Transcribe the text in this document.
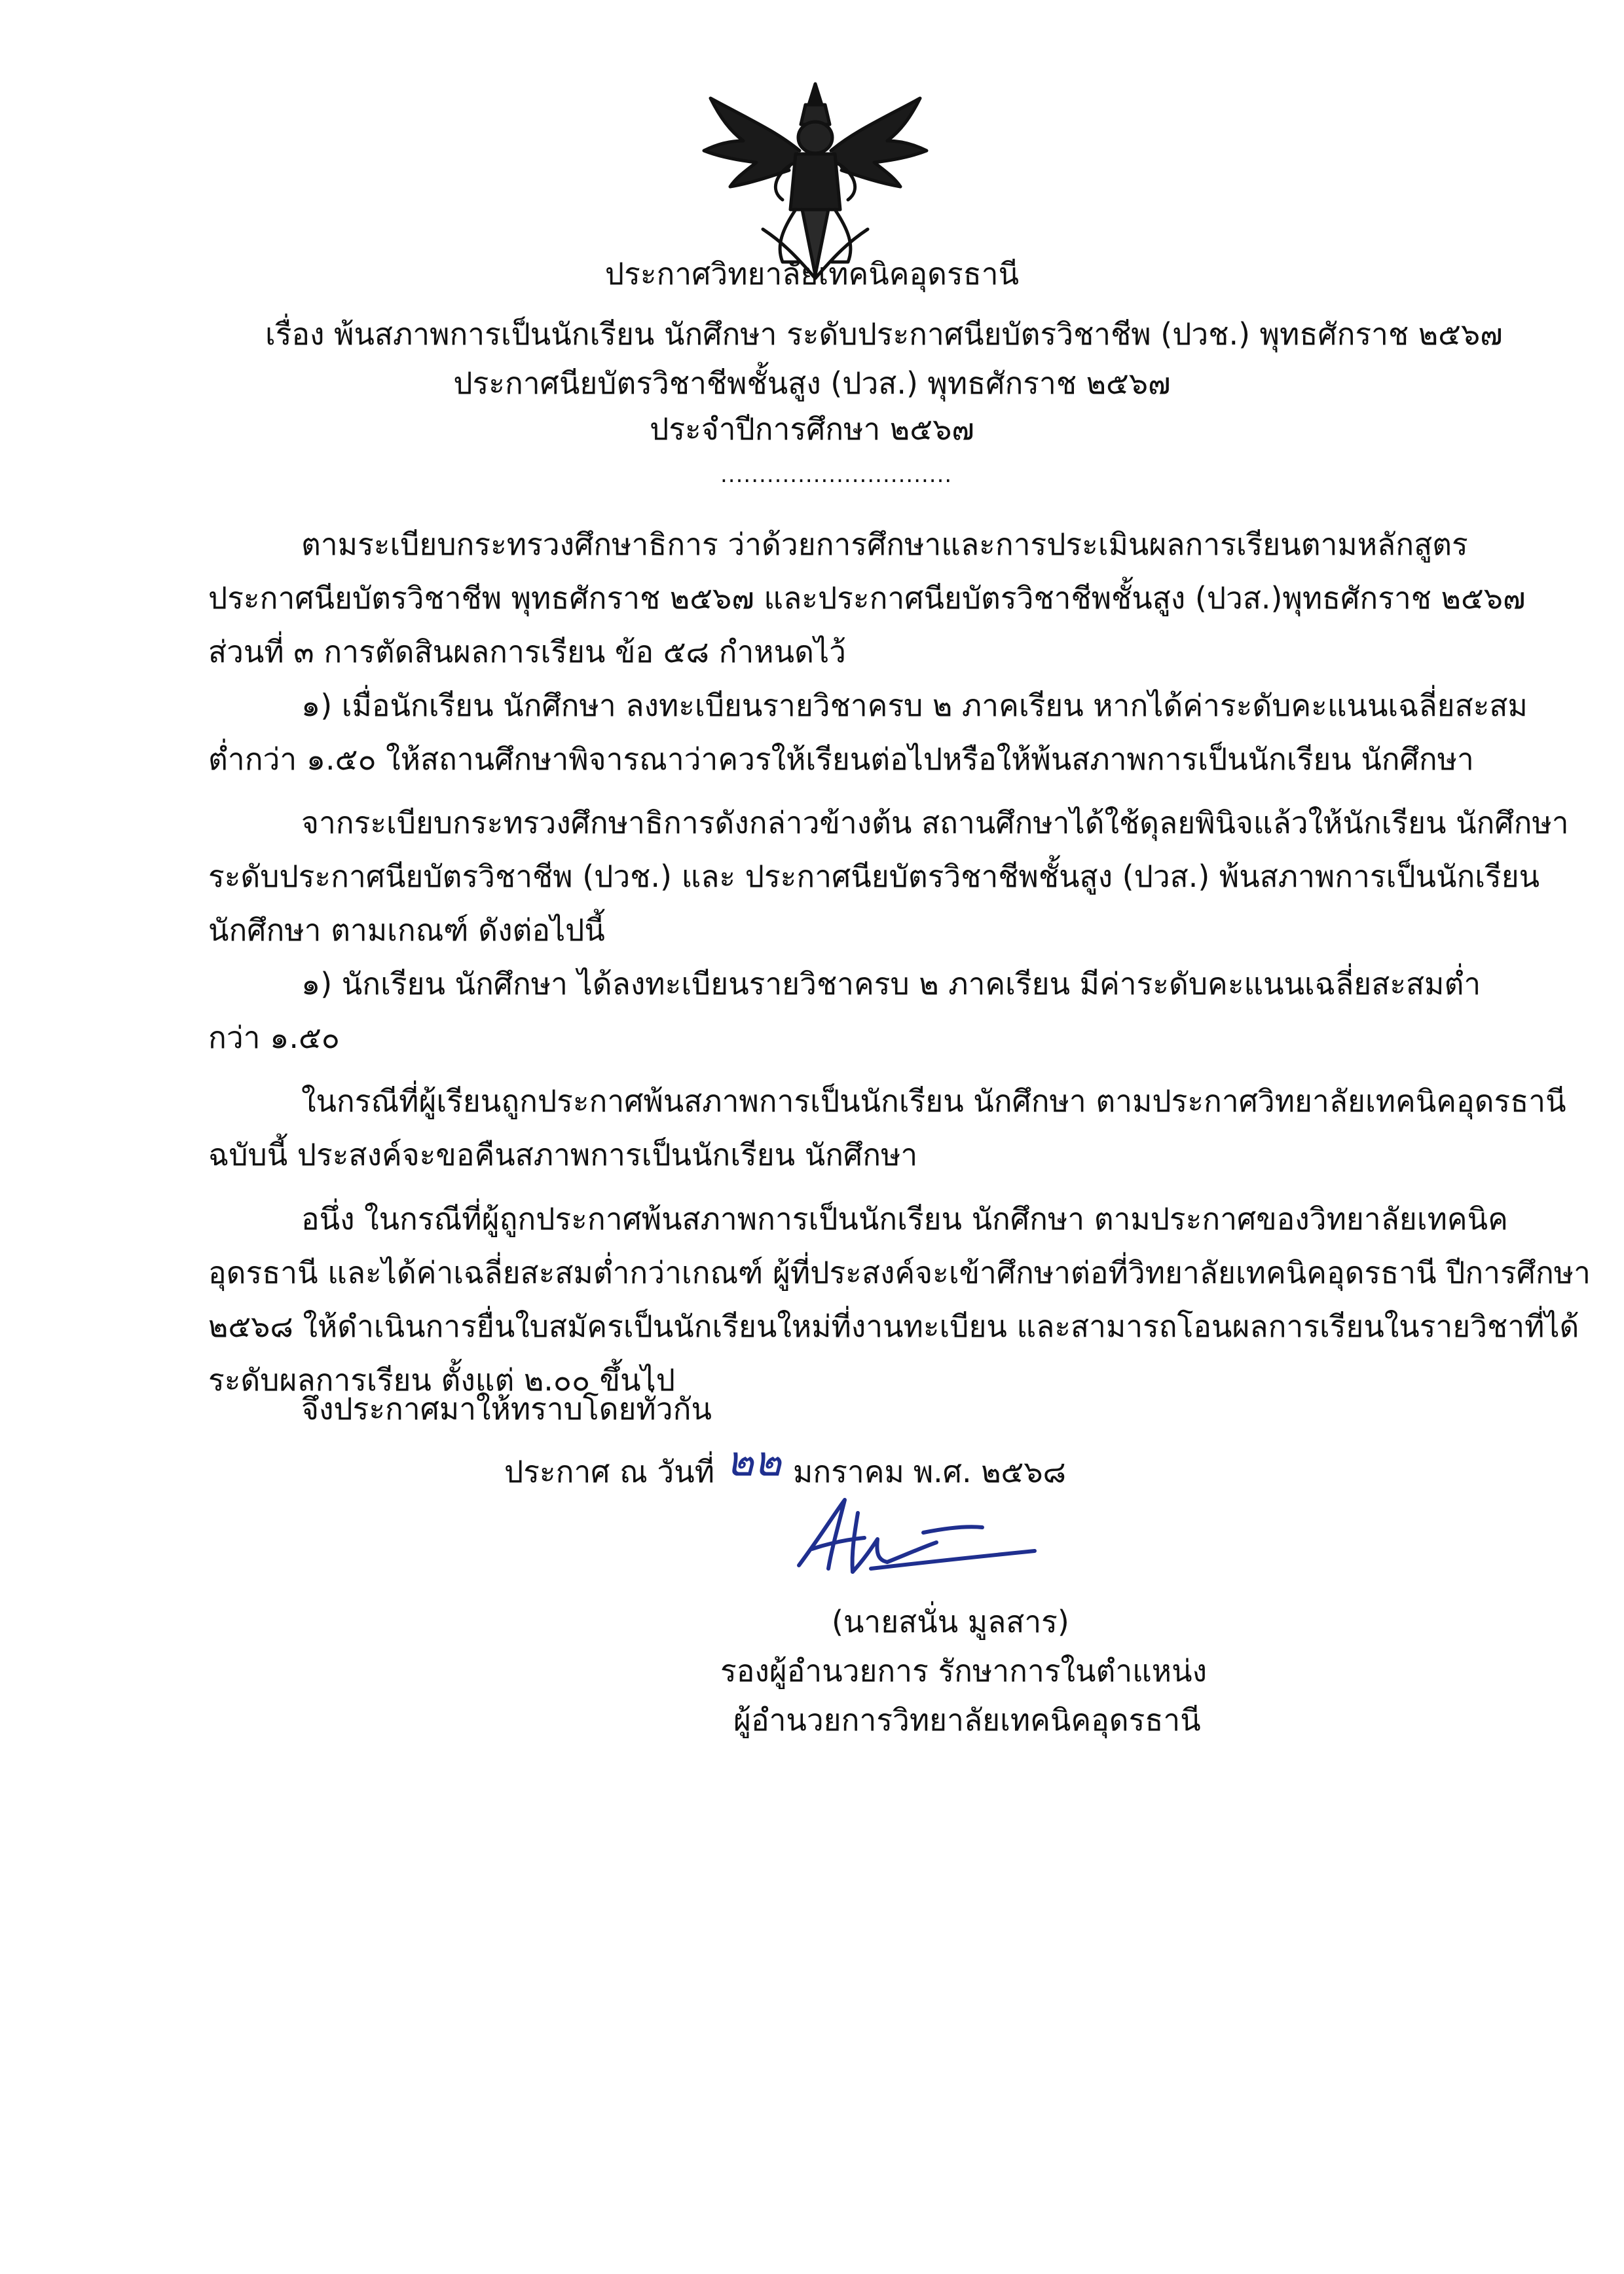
ประกาศวิทยาลัยเทคนิคอุดรธานี
เรื่อง พ้นสภาพการเป็นนักเรียน นักศึกษา ระดับประกาศนียบัตรวิชาชีพ (ปวช.) พุทธศักราช ๒๕๖๗
ประกาศนียบัตรวิชาชีพชั้นสูง (ปวส.) พุทธศักราช ๒๕๖๗
ประจำปีการศึกษา ๒๕๖๗
..............................
ตามระเบียบกระทรวงศึกษาธิการ ว่าด้วยการศึกษาและการประเมินผลการเรียนตามหลักสูตร
ประกาศนียบัตรวิชาชีพ พุทธศักราช ๒๕๖๗ และประกาศนียบัตรวิชาชีพชั้นสูง (ปวส.)พุทธศักราช ๒๕๖๗
ส่วนที่ ๓ การตัดสินผลการเรียน ข้อ ๕๘ กำหนดไว้
๑) เมื่อนักเรียน นักศึกษา ลงทะเบียนรายวิชาครบ ๒ ภาคเรียน หากได้ค่าระดับคะแนนเฉลี่ยสะสม
ต่ำกว่า ๑.๕๐ ให้สถานศึกษาพิจารณาว่าควรให้เรียนต่อไปหรือให้พ้นสภาพการเป็นนักเรียน นักศึกษา
จากระเบียบกระทรวงศึกษาธิการดังกล่าวข้างต้น สถานศึกษาได้ใช้ดุลยพินิจแล้วให้นักเรียน นักศึกษา
ระดับประกาศนียบัตรวิชาชีพ (ปวช.) และ ประกาศนียบัตรวิชาชีพชั้นสูง (ปวส.) พ้นสภาพการเป็นนักเรียน
นักศึกษา ตามเกณฑ์ ดังต่อไปนี้
๑) นักเรียน นักศึกษา ได้ลงทะเบียนรายวิชาครบ ๒ ภาคเรียน มีค่าระดับคะแนนเฉลี่ยสะสมต่ำ
กว่า ๑.๕๐
ในกรณีที่ผู้เรียนถูกประกาศพ้นสภาพการเป็นนักเรียน นักศึกษา ตามประกาศวิทยาลัยเทคนิคอุดรธานี
ฉบับนี้ ประสงค์จะขอคืนสภาพการเป็นนักเรียน นักศึกษา
อนึ่ง ในกรณีที่ผู้ถูกประกาศพ้นสภาพการเป็นนักเรียน นักศึกษา ตามประกาศของวิทยาลัยเทคนิค
อุดรธานี และได้ค่าเฉลี่ยสะสมต่ำกว่าเกณฑ์ ผู้ที่ประสงค์จะเข้าศึกษาต่อที่วิทยาลัยเทคนิคอุดรธานี ปีการศึกษา
๒๕๖๘ ให้ดำเนินการยื่นใบสมัครเป็นนักเรียนใหม่ที่งานทะเบียน และสามารถโอนผลการเรียนในรายวิชาที่ได้
ระดับผลการเรียน ตั้งแต่ ๒.๐๐ ขึ้นไป
จึงประกาศมาให้ทราบโดยทั่วกัน
ประกาศ ณ วันที่ ๒๒ มกราคม พ.ศ. ๒๕๖๘
(นายสนั่น มูลสาร)
รองผู้อำนวยการ รักษาการในตำแหน่ง
ผู้อำนวยการวิทยาลัยเทคนิคอุดรธานี
